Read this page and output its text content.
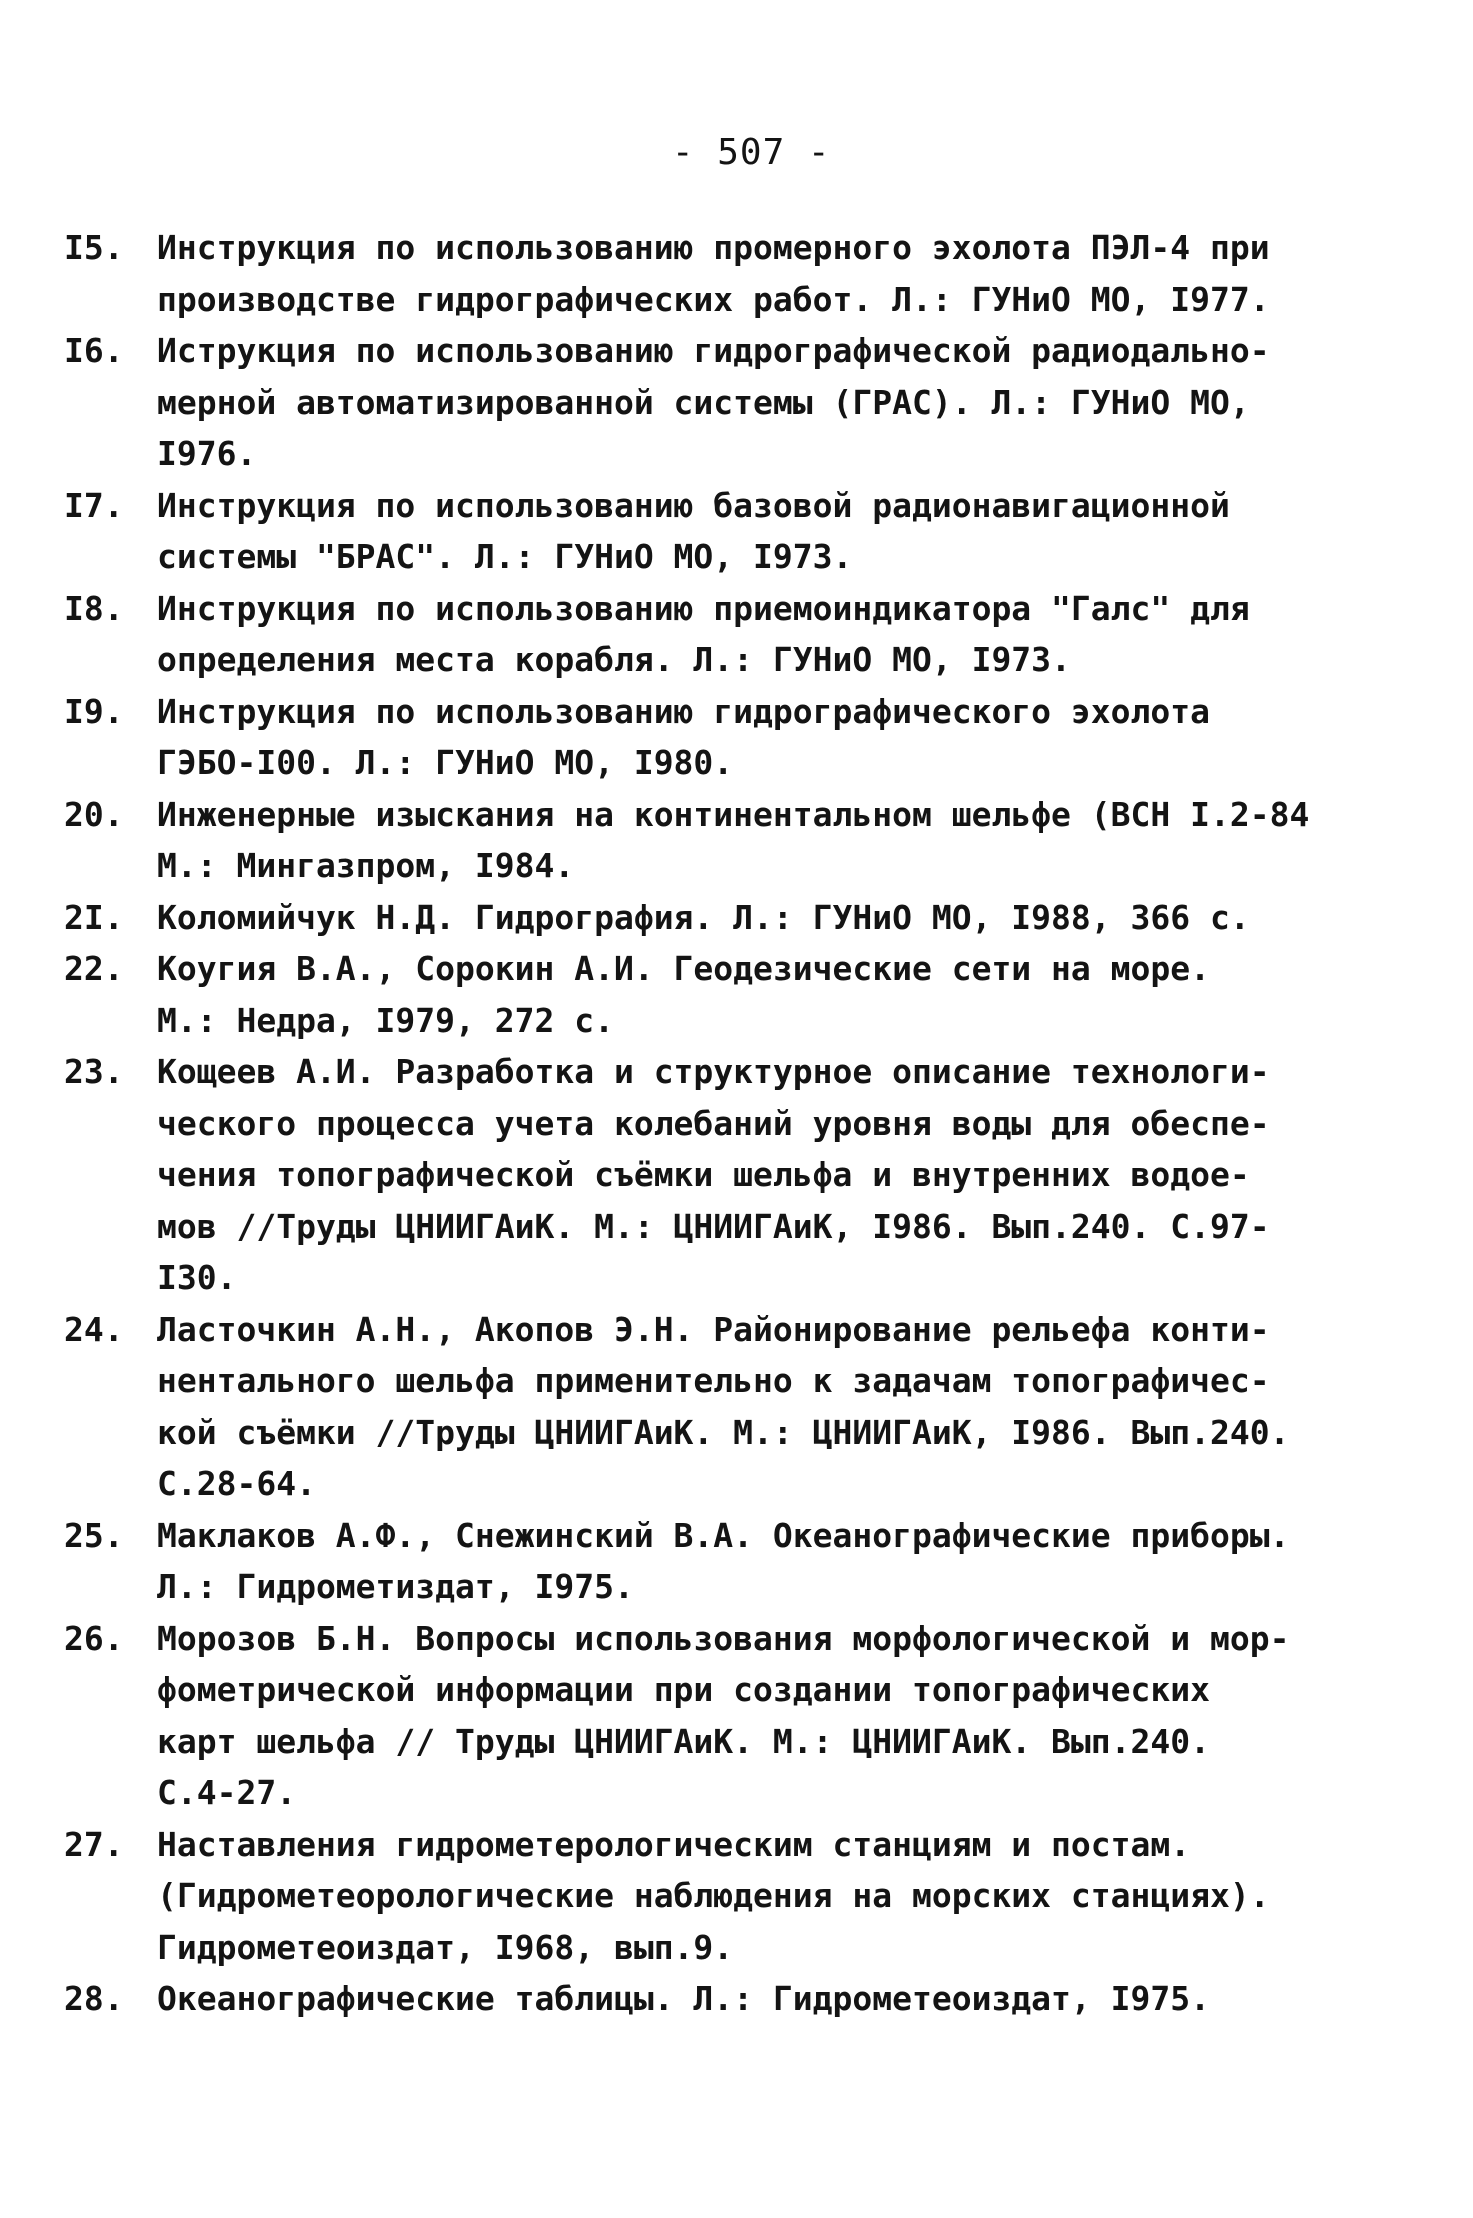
- 507 -
I5.	Инструкция по использованию промерного эхолота ПЭЛ-4 при
производстве гидрографических работ. Л.: ГУНиО МО, I977.
I6.	Иструкция по использованию гидрографической радиодально-
мерной автоматизированной системы (ГРАС). Л.: ГУНиО МО,
I976.
I7.	Инструкция по использованию базовой радионавигационной
системы "БРАС". Л.: ГУНиО МО, I973.
I8.	Инструкция по использованию приемоиндикатора "Галс" для
определения места корабля. Л.: ГУНиО МО, I973.
I9.	Инструкция по использованию гидрографического эхолота
ГЭБО-I00. Л.: ГУНиО МО, I980.
20.	Инженерные изыскания на континентальном шельфе (ВСН I.2-84
М.: Мингазпром, I984.
2I.	Коломийчук Н.Д. Гидрография. Л.: ГУНиО МО, I988, 366 с.
22.	Коугия В.А., Сорокин А.И. Геодезические сети на море.
М.: Недра, I979, 272 с.
23.	Кощеев А.И. Разработка и структурное описание технологи-
ческого процесса учета колебаний уровня воды для обеспе-
чения топографической съёмки шельфа и внутренних водое-
мов //Труды ЦНИИГАиК. М.: ЦНИИГАиК, I986. Вып.240. С.97-
I30.
24.	Ласточкин А.Н., Акопов Э.Н. Районирование рельефа конти-
нентального шельфа применительно к задачам топографичес-
кой съёмки //Труды ЦНИИГАиК. М.: ЦНИИГАиК, I986. Вып.240.
С.28-64.
25.	Маклаков А.Ф., Снежинский В.А. Океанографические приборы.
Л.: Гидрометиздат, I975.
26.	Морозов Б.Н. Вопросы использования морфологической и мор-
фометрической информации при создании топографических
карт шельфа // Труды ЦНИИГАиК. М.: ЦНИИГАиК. Вып.240.
С.4-27.
27.	Наставления гидрометерологическим станциям и постам.
(Гидрометеорологические наблюдения на морских станциях).
Гидрометеоиздат, I968, вып.9.
28.	Океанографические таблицы. Л.: Гидрометеоиздат, I975.
